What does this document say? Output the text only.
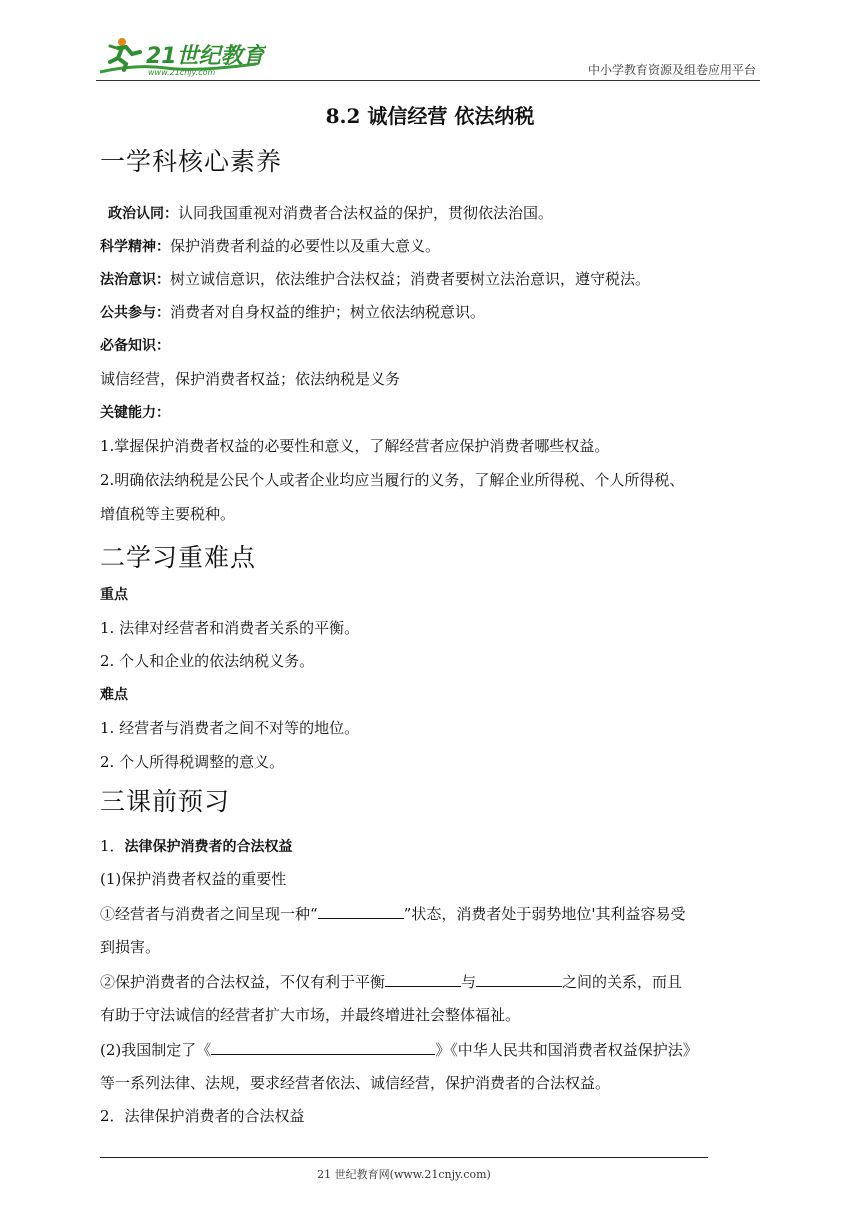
21世纪教育
www.21cnjy.com	中小学教育资源及组卷应用平台
8.2 诚信经营 依法纳税
一学科核心素养
政治认同：认同我国重视对消费者合法权益的保护，贯彻依法治国。
科学精神：保护消费者利益的必要性以及重大意义。
法治意识：树立诚信意识，依法维护合法权益；消费者要树立法治意识，遵守税法。
公共参与：消费者对自身权益的维护；树立依法纳税意识。
必备知识：
诚信经营，保护消费者权益；依法纳税是义务
关键能力：
1.掌握保护消费者权益的必要性和意义，了解经营者应保护消费者哪些权益。
2.明确依法纳税是公民个人或者企业均应当履行的义务，了解企业所得税、个人所得税、
增值税等主要税种。
二学习重难点
重点
1. 法律对经营者和消费者关系的平衡。
2. 个人和企业的依法纳税义务。
难点
1. 经营者与消费者之间不对等的地位。
2. 个人所得税调整的意义。
三课前预习
1．法律保护消费者的合法权益
(1)保护消费者权益的重要性
①经营者与消费者之间呈现一种“	”状态，消费者处于弱势地位'其利益容易受
到损害。
②保护消费者的合法权益，不仅有利于平衡	与	之间的关系，而且
有助于守法诚信的经营者扩大市场，并最终增进社会整体福祉。
(2)我国制定了《	》《中华人民共和国消费者权益保护法》
等一系列法律、法规，要求经营者依法、诚信经营，保护消费者的合法权益。
2．法律保护消费者的合法权益
21 世纪教育网(www.21cnjy.com)
